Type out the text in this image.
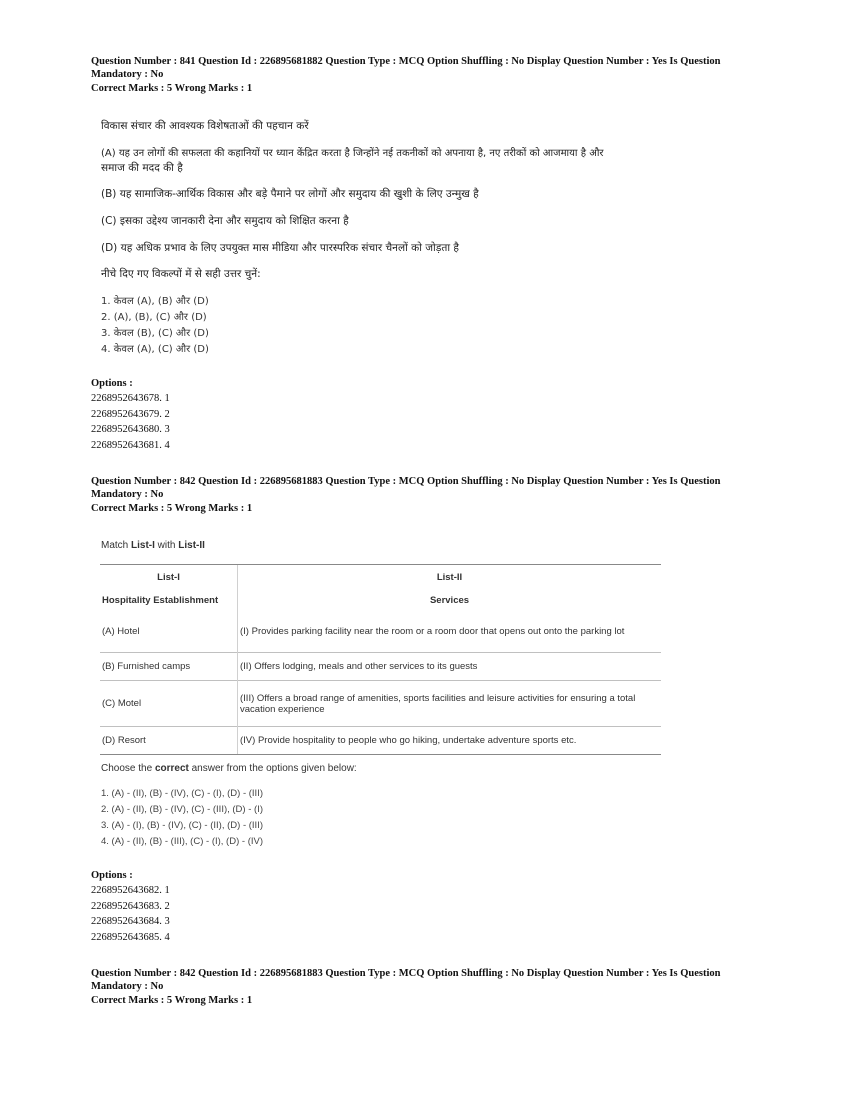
Question Number : 841 Question Id : 226895681882 Question Type : MCQ Option Shuffling : No Display Question Number : Yes Is Question
Mandatory : No
Correct Marks : 5 Wrong Marks : 1
विकास संचार की आवश्यक विशेषताओं की पहचान करें
(A) यह उन लोगों की सफलता की कहानियों पर ध्यान केंद्रित करता है जिन्होंने नई तकनीकों को अपनाया है, नए तरीकों को आजमाया है और
समाज की मदद की है
(B) यह सामाजिक-आर्थिक विकास और बड़े पैमाने पर लोगों और समुदाय की खुशी के लिए उन्मुख है
(C) इसका उद्देश्य जानकारी देना और समुदाय को शिक्षित करना है
(D) यह अधिक प्रभाव के लिए उपयुक्त मास मीडिया और पारस्परिक संचार चैनलों को जोड़ता है
नीचे दिए गए विकल्पों में से सही उत्तर चुनें:
1. केवल (A), (B) और (D)
2. (A), (B), (C) और (D)
3. केवल (B), (C) और (D)
4. केवल (A), (C) और (D)
Options :
2268952643678. 1
2268952643679. 2
2268952643680. 3
2268952643681. 4
Question Number : 842 Question Id : 226895681883 Question Type : MCQ Option Shuffling : No Display Question Number : Yes Is Question
Mandatory : No
Correct Marks : 5 Wrong Marks : 1
Match List-I with List-II
List-I	List-II
Hospitality Establishment	Services
(A) Hotel	(I) Provides parking facility near the room or a room door that opens out onto the parking lot
(B) Furnished camps	(II) Offers lodging, meals and other services to its guests
(C) Motel	(III) Offers a broad range of amenities, sports facilities and leisure activities for ensuring a total vacation experience
(D) Resort	(IV) Provide hospitality to people who go hiking, undertake adventure sports etc.
Choose the correct answer from the options given below:
1. (A) - (II), (B) - (IV), (C) - (I), (D) - (III)
2. (A) - (II), (B) - (IV), (C) - (III), (D) - (I)
3. (A) - (I), (B) - (IV), (C) - (II), (D) - (III)
4. (A) - (II), (B) - (III), (C) - (I), (D) - (IV)
Options :
2268952643682. 1
2268952643683. 2
2268952643684. 3
2268952643685. 4
Question Number : 842 Question Id : 226895681883 Question Type : MCQ Option Shuffling : No Display Question Number : Yes Is Question
Mandatory : No
Correct Marks : 5 Wrong Marks : 1
